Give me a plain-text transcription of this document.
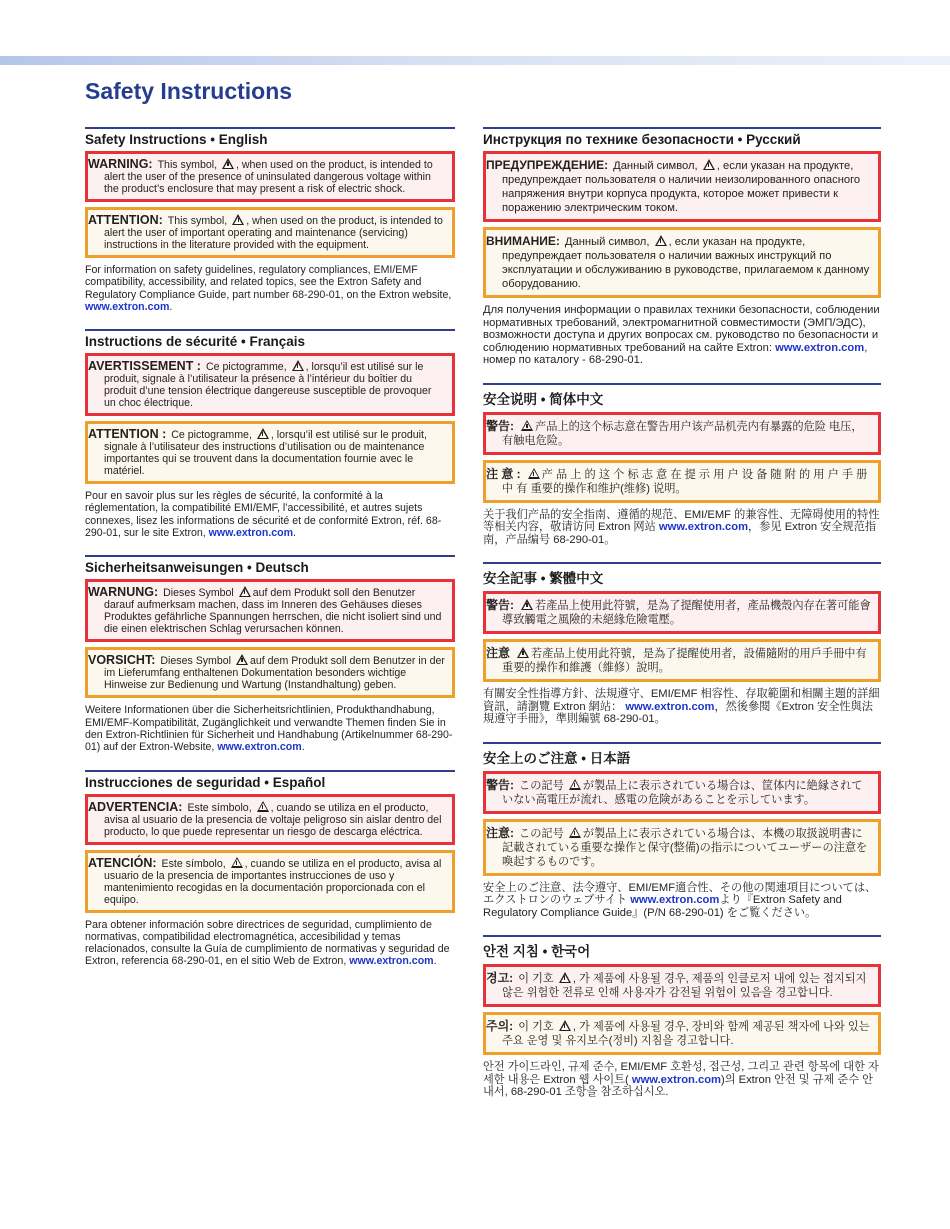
Safety Instructions
Safety Instructions • English
WARNING: This symbol, , when used on the product, is intended to alert the user of the presence of uninsulated dangerous voltage within the product’s enclosure that may present a risk of electric shock.
ATTENTION: This symbol, , when used on the product, is intended to alert the user of important operating and maintenance (servicing) instructions in the literature provided with the equipment.

For information on safety guidelines, regulatory compliances, EMI/EMF compatibility, accessibility, and related topics, see the Extron Safety and Regulatory Compliance Guide, part number 68-290-01, on the Extron website, www.extron.com.

Instructions de sécurité • Français
AVERTISSEMENT : Ce pictogramme, , lorsqu’il est utilisé sur le produit, signale à l’utilisateur la présence à l’intérieur du boîtier du produit d’une tension électrique dangereuse susceptible de provoquer un choc électrique.
ATTENTION : Ce pictogramme, , lorsqu’il est utilisé sur le produit, signale à l’utilisateur des instructions d’utilisation ou de maintenance importantes qui se trouvent dans la documentation fournie avec le matériel.

Pour en savoir plus sur les règles de sécurité, la conformité à la réglementation, la compatibilité EMI/EMF, l’accessibilité, et autres sujets connexes, lisez les informations de sécurité et de conformité Extron, réf. 68-290-01, sur le site Extron, www.extron.com.

Sicherheitsanweisungen • Deutsch
WARNUNG: Dieses Symbol auf dem Produkt soll den Benutzer darauf aufmerksam machen, dass im Inneren des Gehäuses dieses Produktes gefährliche Spannungen herrschen, die nicht isoliert sind und die einen elektrischen Schlag verursachen können.
VORSICHT: Dieses Symbol auf dem Produkt soll dem Benutzer in der im Lieferumfang enthaltenen Dokumentation besonders wichtige Hinweise zur Bedienung und Wartung (Instandhaltung) geben.

Weitere Informationen über die Sicherheitsrichtlinien, Produkthandhabung, EMI/EMF-Kompatibilität, Zugänglichkeit und verwandte Themen finden Sie in den Extron-Richtlinien für Sicherheit und Handhabung (Artikelnummer 68-290-01) auf der Extron-Website, www.extron.com.

Instrucciones de seguridad • Español
ADVERTENCIA: Este símbolo, , cuando se utiliza en el producto, avisa al usuario de la presencia de voltaje peligroso sin aislar dentro del producto, lo que puede representar un riesgo de descarga eléctrica.
ATENCIÓN: Este símbolo, , cuando se utiliza en el producto, avisa al usuario de la presencia de importantes instrucciones de uso y mantenimiento recogidas en la documentación proporcionada con el equipo.

Para obtener información sobre directrices de seguridad, cumplimiento de normativas, compatibilidad electromagnética, accesibilidad y temas relacionados, consulte la Guía de cumplimiento de normativas y seguridad de Extron, referencia 68-290-01, en el sitio Web de Extron, www.extron.com.

Инструкция по технике безопасности • Русский
ПРЕДУПРЕЖДЕНИЕ: Данный символ, , если указан на продукте, предупреждает пользователя о наличии неизолированного опасного напряжения внутри корпуса продукта, которое может привести к поражению электрическим током.
ВНИМАНИЕ: Данный символ, , если указан на продукте, предупреждает пользователя о наличии важных инструкций по эксплуатации и обслуживанию в руководстве, прилагаемом к данному оборудованию.

Для получения информации о правилах техники безопасности, соблюдении нормативных требований, электромагнитной совместимости (ЭМП/ЭДС), возможности доступа и других вопросах см. руководство по безопасности и соблюдению нормативных требований на сайте Extron: www.extron.com, номер по каталогу - 68-290-01.

安全说明 • 简体中文
警告: 产品上的这个标志意在警告用户该产品机壳内有暴露的危险 电压，有触电危险。
注 意 : 产 品 上 的 这 个 标 志 意 在 提 示 用 户 设 备 随 附 的 用 户 手 册 中 有 重要的操作和维护(维修) 说明。

关于我们产品的安全指南、遵循的规范、EMI/EMF 的兼容性、无障碍使用的特性等相关内容，敬请访问 Extron 网站 www.extron.com，参见 Extron 安全规范指南，产品编号 68-290-01。

安全記事 • 繁體中文
警告: 若產品上使用此符號，是為了提醒使用者，產品機殼內存在著可能會導致觸電之風險的未絕緣危險電壓。
注意 若產品上使用此符號，是為了提醒使用者，設備隨附的用戶手冊中有重要的操作和維護（維修）說明。

有關安全性指導方針、法規遵守、EMI/EMF 相容性、存取範圍和相關主題的詳細資訊，請瀏覽 Extron 網站： www.extron.com，然後參閱《Extron 安全性與法規遵守手冊》，準則編號 68-290-01。

安全上のご注意 • 日本語
警告: この記号 が製品上に表示されている場合は、筐体内に絶縁されていない高電圧が流れ、感電の危険があることを示しています。
注意: この記号 が製品上に表示されている場合は、本機の取扱説明書に記載されている重要な操作と保守(整備)の指示についてユーザーの注意を喚起するものです。

安全上のご注意、法令遵守、EMI/EMF適合性、その他の関連項目については、エクストロンのウェブサイト www.extron.comより『Extron Safety and Regulatory Compliance Guide』(P/N 68-290-01) をご覧ください。

안전 지침 • 한국어
경고: 이 기호 , 가 제품에 사용될 경우, 제품의 인클로저 내에 있는 접지되지 않은 위험한 전류로 인해 사용자가 감전될 위험이 있음을 경고합니다.
주의: 이 기호 , 가 제품에 사용될 경우, 장비와 함께 제공된 책자에 나와 있는 주요 운영 및 유지보수(정비) 지침을 경고합니다.

안전 가이드라인, 규제 준수, EMI/EMF 호환성, 접근성, 그리고 관련 항목에 대한 자세한 내용은 Extron 웹 사이트( www.extron.com)의 Extron 안전 및 규제 준수 안내서, 68-290-01 조항을 참조하십시오.
